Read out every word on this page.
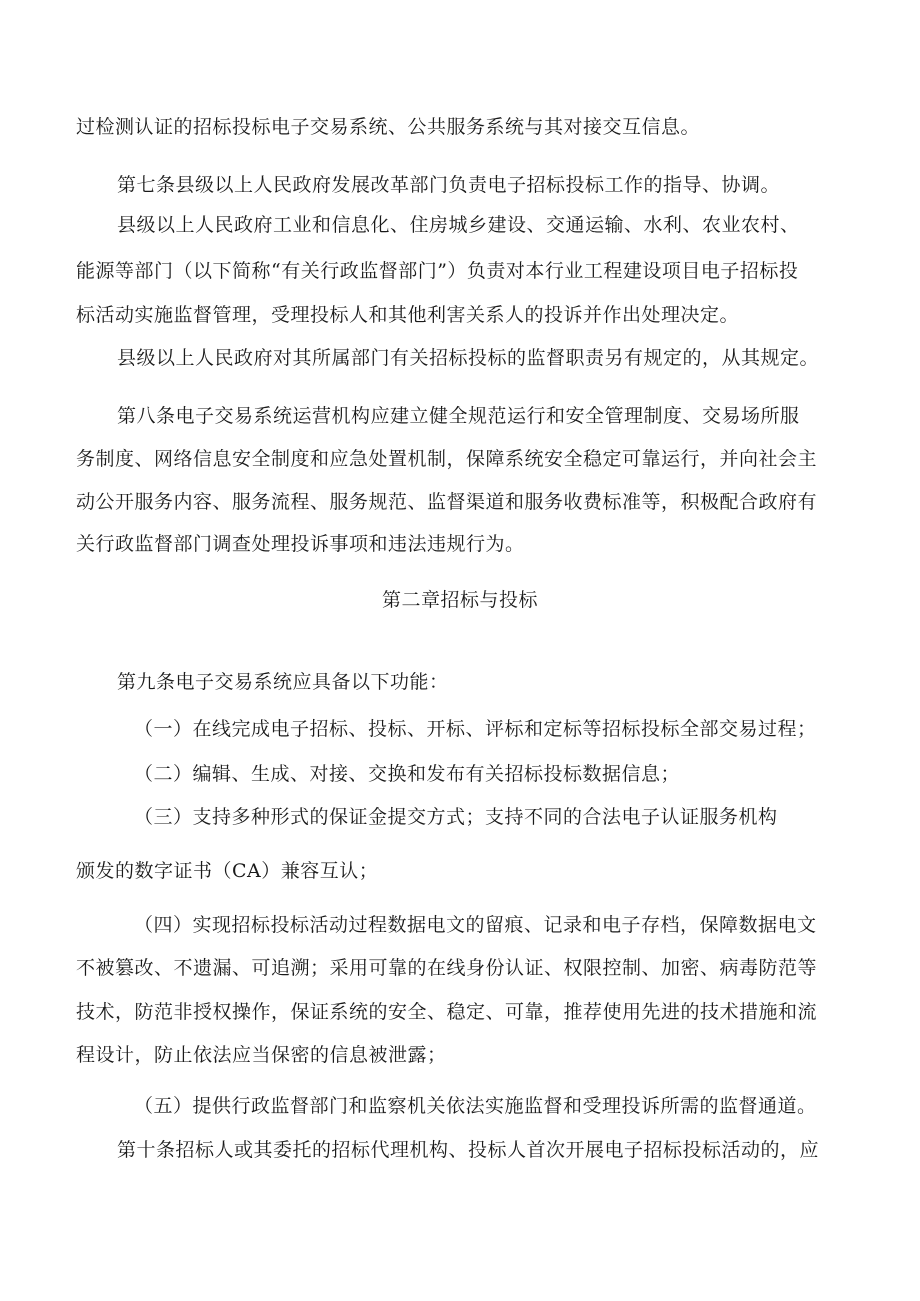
过检测认证的招标投标电子交易系统、公共服务系统与其对接交互信息。
第七条县级以上人民政府发展改革部门负责电子招标投标工作的指导、协调。
县级以上人民政府工业和信息化、住房城乡建设、交通运输、水利、农业农村、
能源等部门（以下简称“有关行政监督部门”）负责对本行业工程建设项目电子招标投
标活动实施监督管理，受理投标人和其他利害关系人的投诉并作出处理决定。
县级以上人民政府对其所属部门有关招标投标的监督职责另有规定的，从其规定。
第八条电子交易系统运营机构应建立健全规范运行和安全管理制度、交易场所服
务制度、网络信息安全制度和应急处置机制，保障系统安全稳定可靠运行，并向社会主
动公开服务内容、服务流程、服务规范、监督渠道和服务收费标准等，积极配合政府有
关行政监督部门调查处理投诉事项和违法违规行为。
第二章招标与投标
第九条电子交易系统应具备以下功能：
（一）在线完成电子招标、投标、开标、评标和定标等招标投标全部交易过程；
（二）编辑、生成、对接、交换和发布有关招标投标数据信息；
（三）支持多种形式的保证金提交方式；支持不同的合法电子认证服务机构
颁发的数字证书（CA）兼容互认；
（四）实现招标投标活动过程数据电文的留痕、记录和电子存档，保障数据电文
不被篡改、不遗漏、可追溯；采用可靠的在线身份认证、权限控制、加密、病毒防范等
技术，防范非授权操作，保证系统的安全、稳定、可靠，推荐使用先进的技术措施和流
程设计，防止依法应当保密的信息被泄露；
（五）提供行政监督部门和监察机关依法实施监督和受理投诉所需的监督通道。
第十条招标人或其委托的招标代理机构、投标人首次开展电子招标投标活动的，应
